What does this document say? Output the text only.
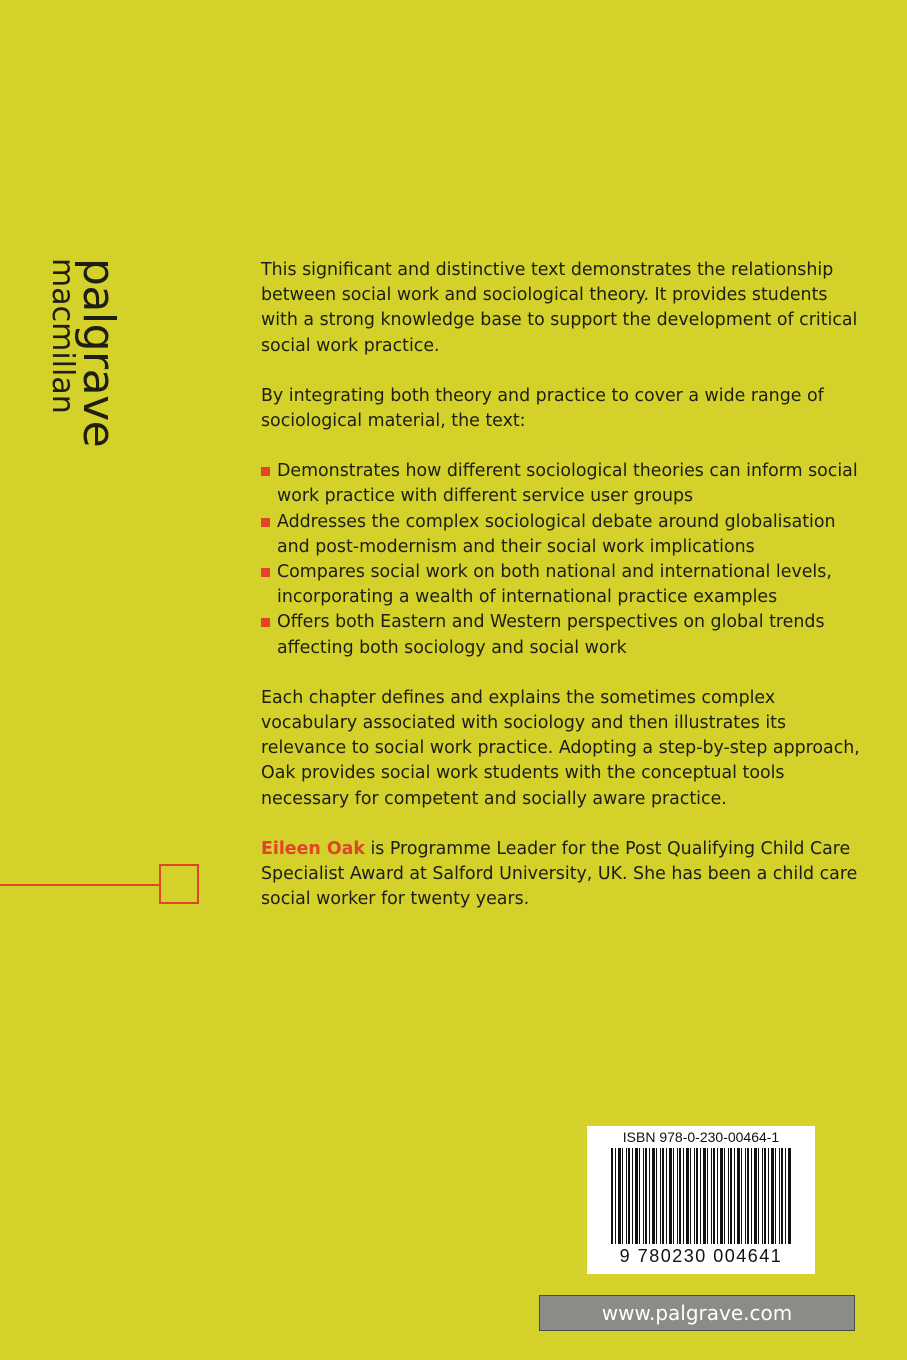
palgrave
macmillan	This significant and distinctive text demonstrates the relationship between social work and sociological theory. It provides students with a strong knowledge base to support the development of critical social work practice.

By integrating both theory and practice to cover a wide range of sociological material, the text:

Demonstrates how different sociological theories can inform social work practice with different service user groups
Addresses the complex sociological debate around globalisation and post-modernism and their social work implications
Compares social work on both national and international levels, incorporating a wealth of international practice examples
Offers both Eastern and Western perspectives on global trends affecting both sociology and social work

Each chapter defines and explains the sometimes complex vocabulary associated with sociology and then illustrates its relevance to social work practice. Adopting a step-by-step approach, Oak provides social work students with the conceptual tools necessary for competent and socially aware practice.

Eileen Oak is Programme Leader for the Post Qualifying Child Care Specialist Award at Salford University, UK. She has been a child care social worker for twenty years.

ISBN 978-0-230-00464-1
9 780230 004641
www.palgrave.com
